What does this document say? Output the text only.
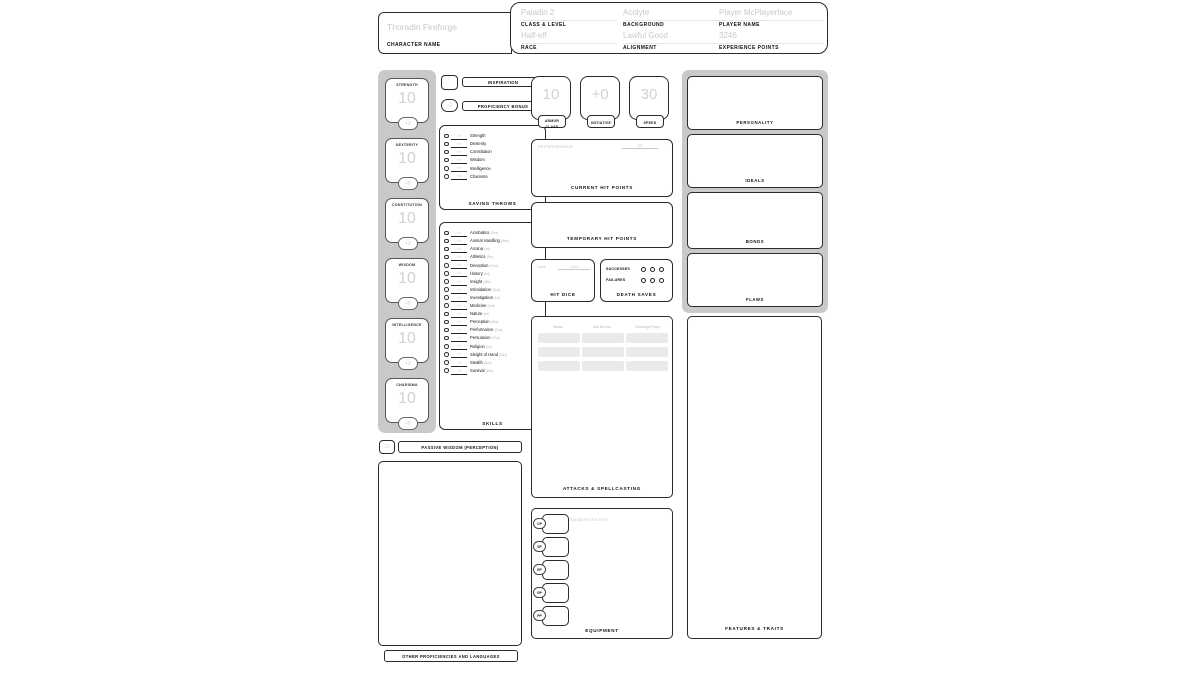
Thoradin Fireforge
CHARACTER NAME
Paladin 2
CLASS & LEVEL
Acolyte
BACKGROUND
Player McPlayerface
PLAYER NAME
Half-elf
RACE
Lawful Good
ALIGNMENT
3246
EXPERIENCE POINTS
STRENGTH
10
+0
DEXTERITY
10
+0
CONSTITUTION
10
+0
WISDOM
10
+0
INTELLIGENCE
10
+0
CHARISMA
10
+0
INSPIRATION
+2	PROFICIENCY BONUS
+0	Strength
+0	Dexterity
+0	Constitution
+0	Wisdom
+0	Intelligence
+0	Charisma
SAVING THROWS
+0	Acrobatics (Dex)
+0	Animal Handling (Wis)
+0	Arcana (Int)
+0	Athletics (Str)
+0	Deception (Cha)
+0	History (Int)
+0	Insight (Wis)
+0	Intimidation (Cha)
+0	Investigation (Int)
+0	Medicine (Wis)
+0	Nature (Int)
+0	Perception (Wis)
+0	Performance (Cha)
+0	Persuasion (Cha)
+0	Religion (Int)
+0	Sleight of Hand (Dex)
+0	Stealth (Dex)
+0	Survival (Wis)
SKILLS
10	PASSIVE WISDOM (PERCEPTION)
OTHER PROFICIENCIES AND LANGUAGES
10
ARMOR CLASS
+0
INITIATIVE
30
SPEED
Hit Point Maximum	12
CURRENT HIT POINTS
TEMPORARY HIT POINTS
Total	2d10
HIT DICE
SUCCESSES
FAILURES
DEATH SAVES
Name	Atk Bonus	Damage/Type
ATTACKS & SPELLCASTING
Equipment list here
CP
SP
EP
GP
PP
EQUIPMENT
PERSONALITY
IDEALS
BONDS
FLAWS
FEATURES & TRAITS
